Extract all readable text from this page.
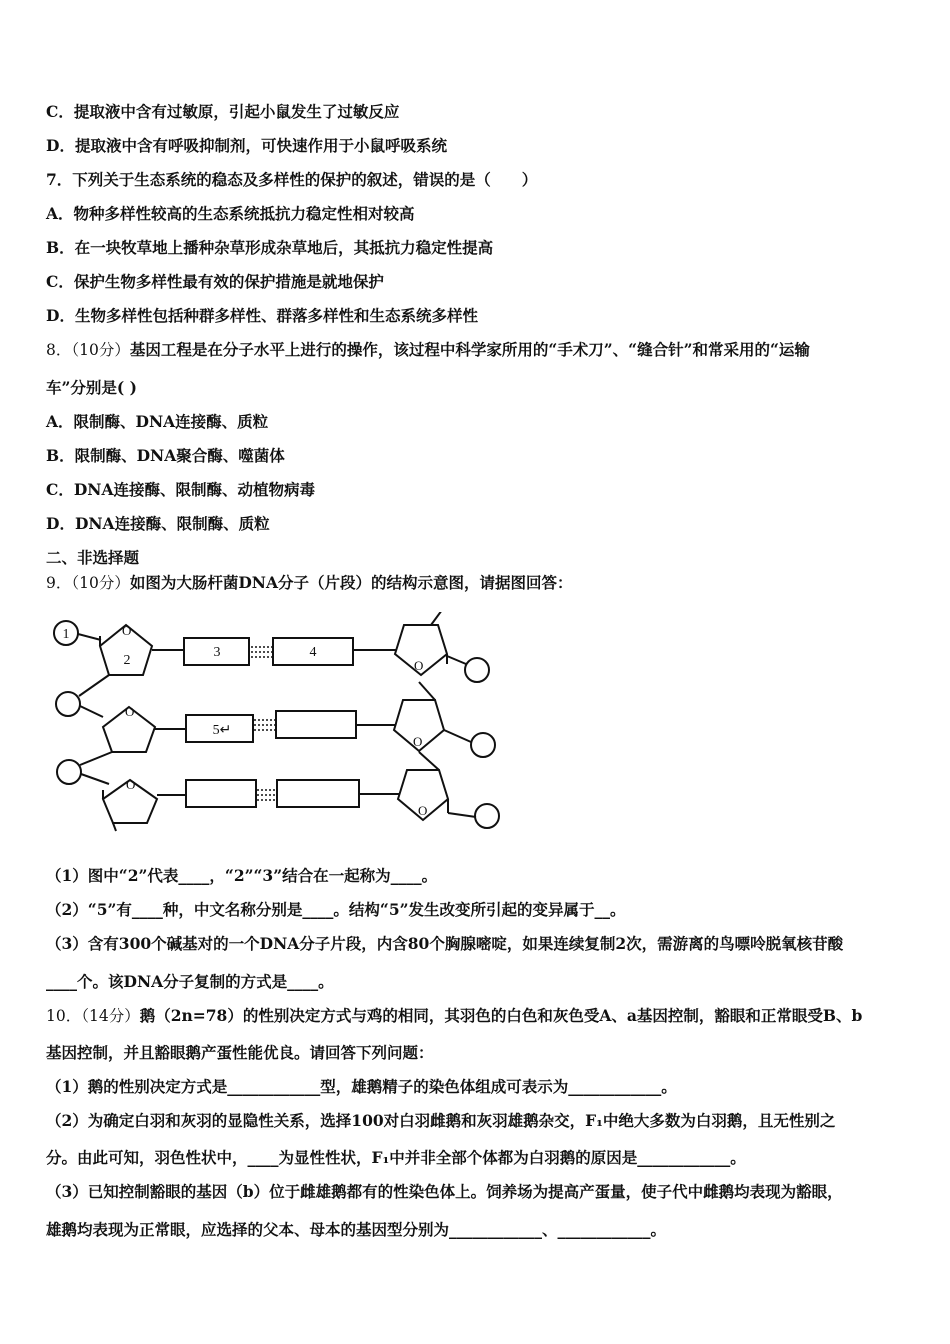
C．提取液中含有过敏原，引起小鼠发生了过敏反应
D．提取液中含有呼吸抑制剂，可快速作用于小鼠呼吸系统
7．下列关于生态系统的稳态及多样性的保护的叙述，错误的是（　　）
A．物种多样性较高的生态系统抵抗力稳定性相对较高
B．在一块牧草地上播种杂草形成杂草地后，其抵抗力稳定性提高
C．保护生物多样性最有效的保护措施是就地保护
D．生物多样性包括种群多样性、群落多样性和生态系统多样性
8．（10分）基因工程是在分子水平上进行的操作，该过程中科学家所用的“手术刀”、“缝合针”和常采用的“运输
车”分别是( )
A．限制酶、DNA连接酶、质粒
B．限制酶、DNA聚合酶、噬菌体
C．DNA连接酶、限制酶、动植物病毒
D．DNA连接酶、限制酶、质粒
二、非选择题
9．（10分）如图为大肠杆菌DNA分子（片段）的结构示意图，请据图回答：
O
O
O
O
O
O
1
2
3	4
5↵
（1）图中“2”代表____，“2”“3”结合在一起称为____。
（2）“5”有____种，中文名称分别是____。结构“5”发生改变所引起的变异属于__。
（3）含有300个碱基对的一个DNA分子片段，内含80个胸腺嘧啶，如果连续复制2次，需游离的鸟嘌呤脱氧核苷酸
____个。该DNA分子复制的方式是____。
10．（14分）鹅（2n=78）的性别决定方式与鸡的相同，其羽色的白色和灰色受A、a基因控制，豁眼和正常眼受B、b
基因控制，并且豁眼鹅产蛋性能优良。请回答下列问题：
（1）鹅的性别决定方式是____________型，雄鹅精子的染色体组成可表示为____________。
（2）为确定白羽和灰羽的显隐性关系，选择100对白羽雌鹅和灰羽雄鹅杂交，F₁中绝大多数为白羽鹅，且无性别之
分。由此可知，羽色性状中，____为显性性状，F₁中并非全部个体都为白羽鹅的原因是____________。
（3）已知控制豁眼的基因（b）位于雌雄鹅都有的性染色体上。饲养场为提高产蛋量，使子代中雌鹅均表现为豁眼，
雄鹅均表现为正常眼，应选择的父本、母本的基因型分别为____________、____________。
